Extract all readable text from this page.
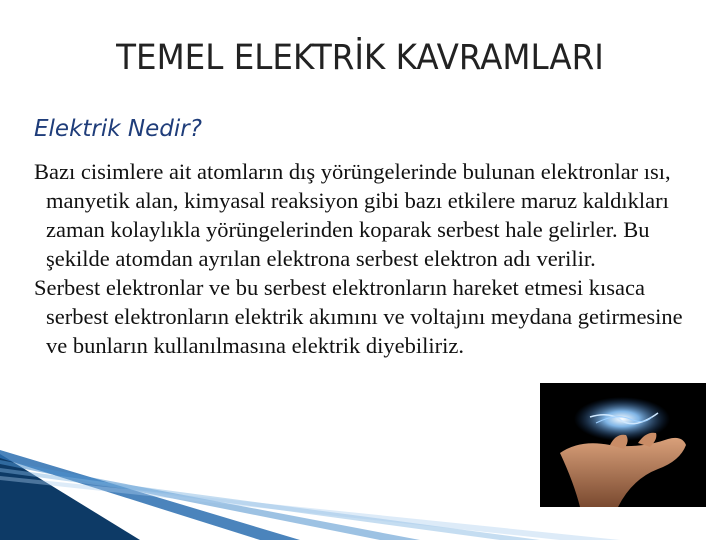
TEMEL ELEKTRİK KAVRAMLARI
Elektrik Nedir?

Bazı cisimlere ait atomların dış yörüngelerinde bulunan elektronlar ısı, manyetik alan, kimyasal reaksiyon gibi bazı etkilere maruz kaldıkları zaman kolaylıkla yörüngelerinden koparak serbest hale gelirler. Bu şekilde atomdan ayrılan elektrona serbest elektron adı verilir.

Serbest elektronlar ve bu serbest elektronların hareket etmesi kısaca serbest elektronların elektrik akımını ve voltajını meydana getirmesine ve bunların kullanılmasına elektrik diyebiliriz.
